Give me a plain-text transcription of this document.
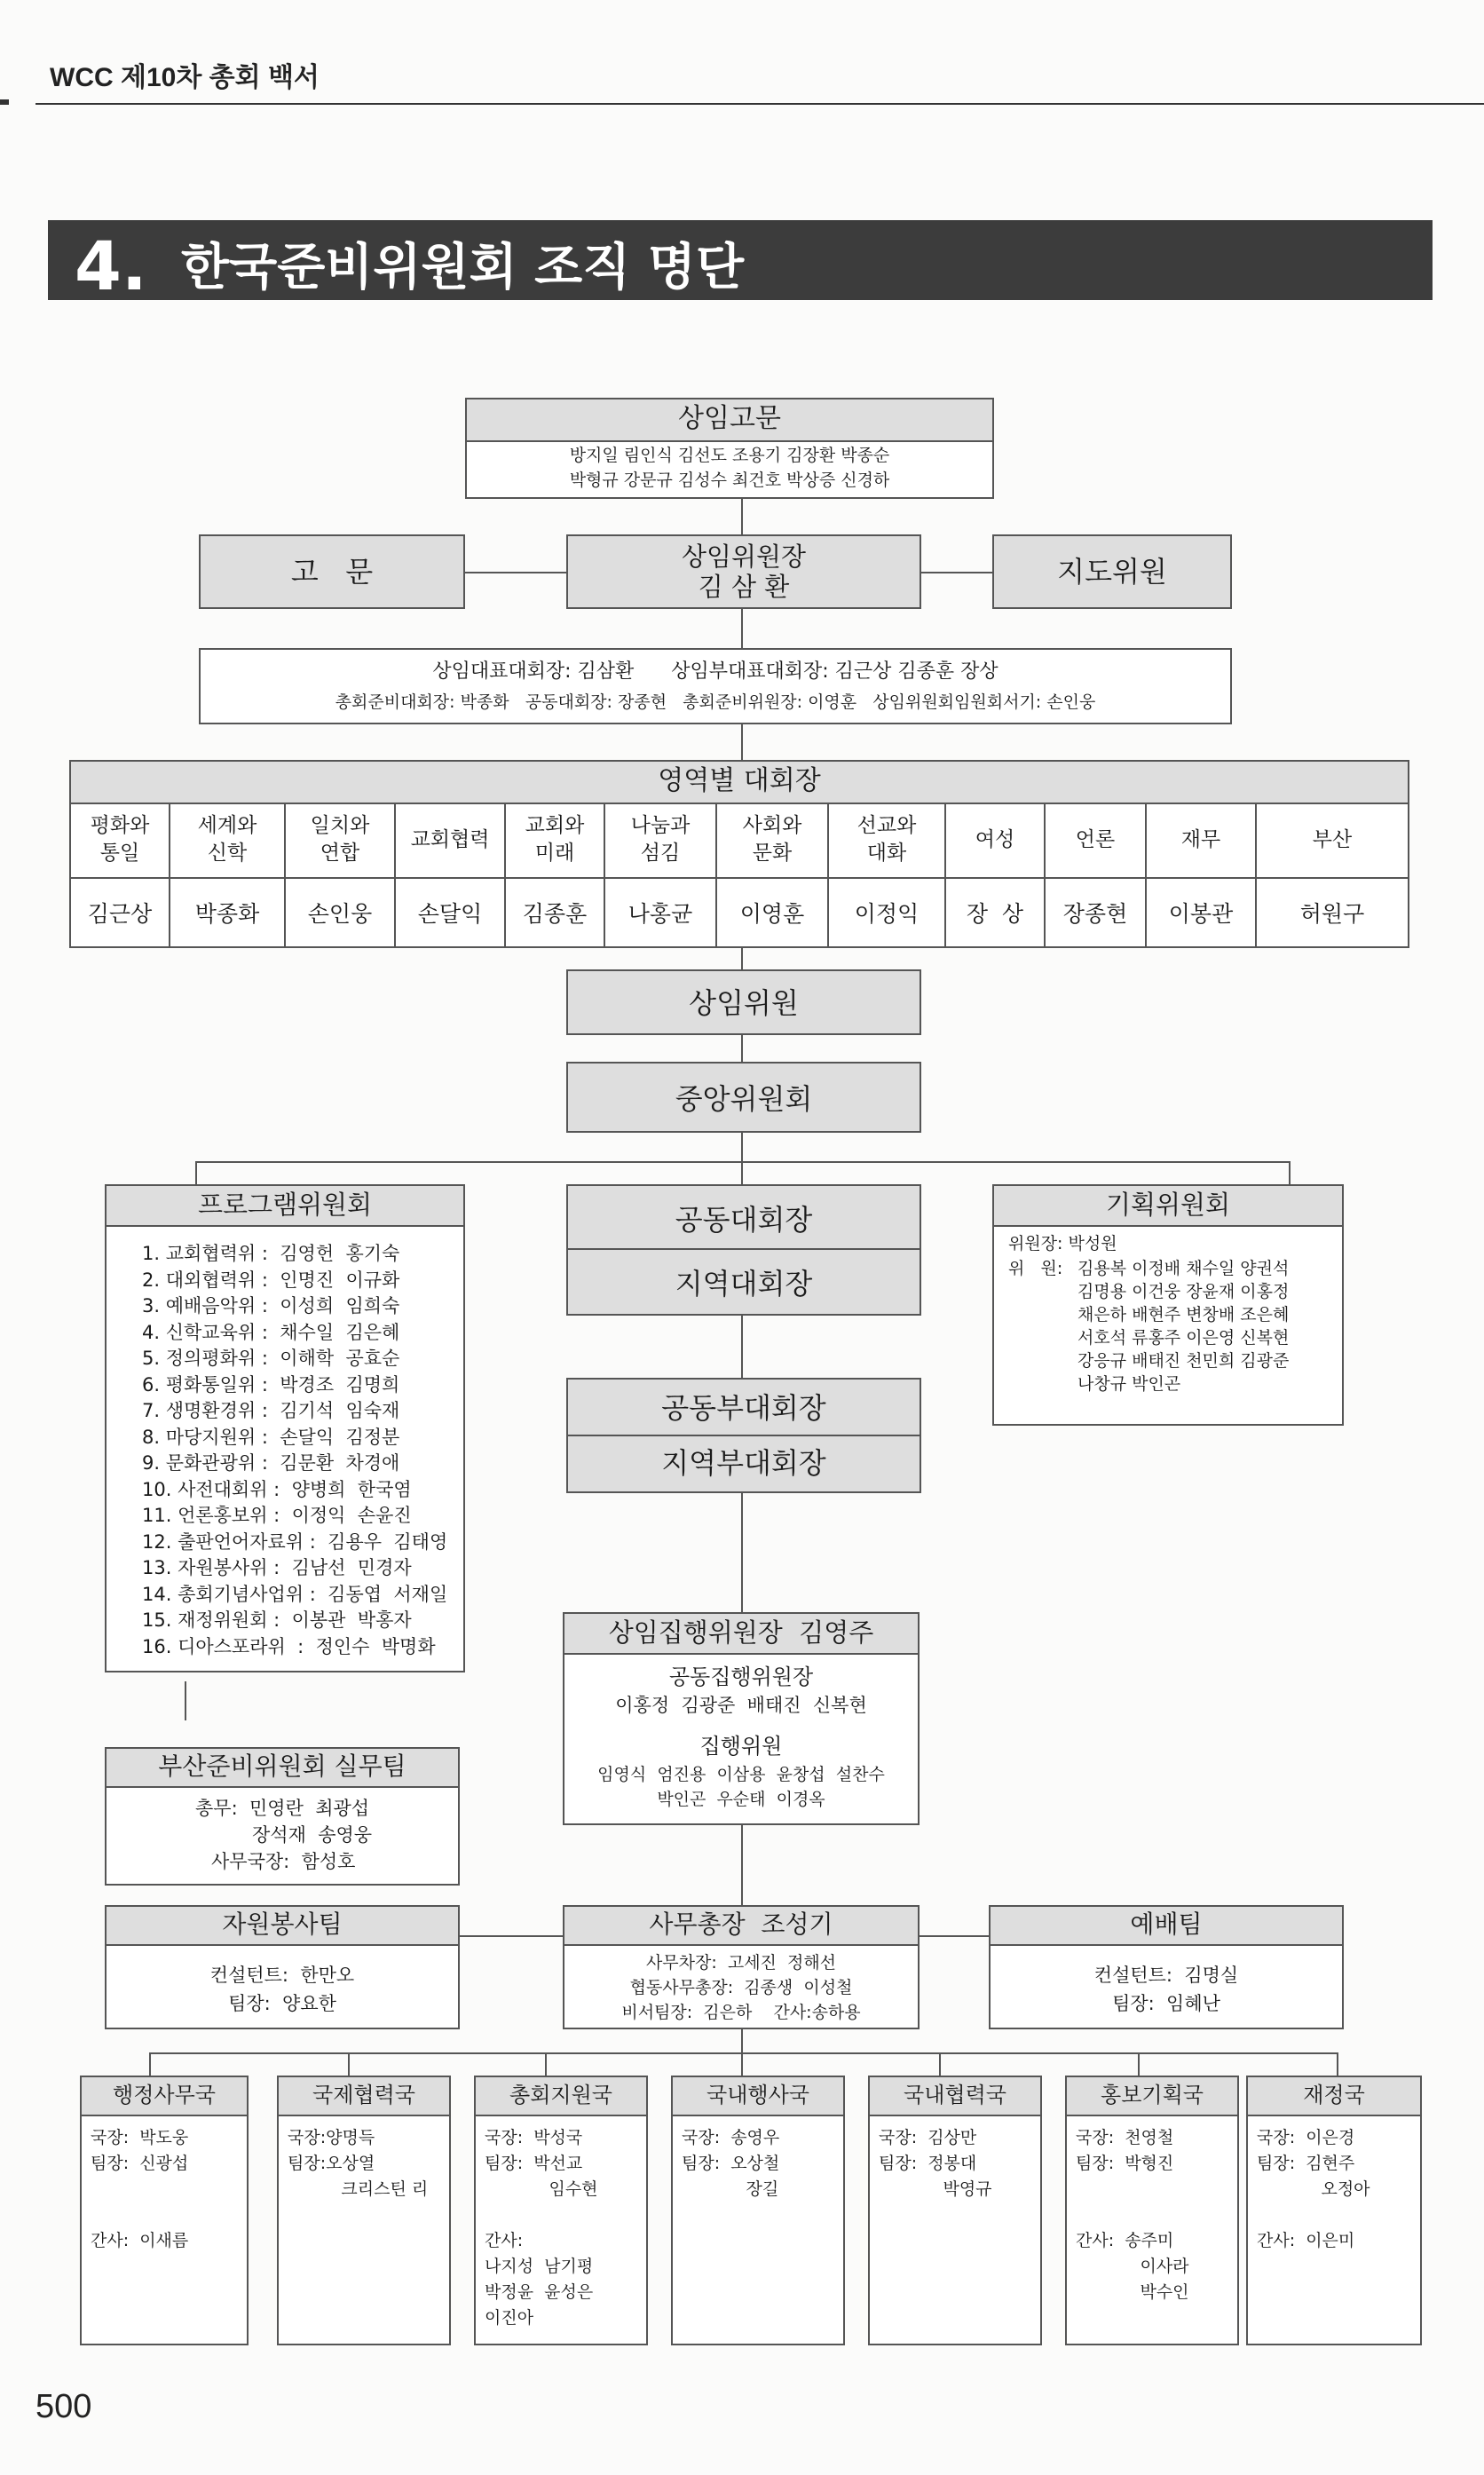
WCC 제10차 총회 백서
4. 한국준비위원회 조직 명단
상임고문
방지일 림인식 김선도 조용기 김장환 박종순
박형규 강문규 김성수 최건호 박상증 신경하
고   문	상임위원장
김 삼 환	지도위원
상임대표대회장: 김삼환      상임부대표대회장: 김근상 김종훈 장상
총회준비대회장: 박종화   공동대회장: 장종현   총회준비위원장: 이영훈   상임위원회임원회서기: 손인웅
영역별 대회장
평화와
통일
김근상
세계와
신학
박종화
일치와
연합
손인웅
교회협력
손달익
교회와
미래
김종훈
나눔과
섬김
나홍균
사회와
문화
이영훈
선교와
대화
이정익
여성
장  상
언론
장종현
재무
이봉관
부산
허원구
상임위원
중앙위원회
프로그램위원회
1. 교회협력위 :  김영헌  홍기숙
2. 대외협력위 :  인명진  이규화
3. 예배음악위 :  이성희  임희숙
4. 신학교육위 :  채수일  김은혜
5. 정의평화위 :  이해학  공효순
6. 평화통일위 :  박경조  김명희
7. 생명환경위 :  김기석  임숙재
8. 마당지원위 :  손달익  김정분
9. 문화관광위 :  김문환  차경애
10. 사전대회위 :  양병희  한국염
11. 언론홍보위 :  이정익  손윤진
12. 출판언어자료위 :  김용우  김태영
13. 자원봉사위 :  김남선  민경자
14. 총회기념사업위 :  김동엽  서재일
15. 재정위원회 :  이봉관  박홍자
16. 디아스포라위  :  정인수  박명화
공동대회장
지역대회장
기획위원회
위원장: 박성원
위   원: 김용복 이정배 채수일 양권석
김명용 이건웅 장윤재 이홍정
채은하 배현주 변창배 조은혜
서호석 류홍주 이은영 신복현
강응규 배태진 천민희 김광준
나창규 박인곤
공동부대회장
지역부대회장
상임집행위원장  김영주
공동집행위원장
이홍정  김광준  배태진  신복현
집행위원
임영식  엄진용  이삼용  윤창섭  설찬수
박인곤  우순태  이경옥
부산준비위원회 실무팀
총무:  민영란  최광섭
장석재  송영웅
사무국장:  함성호
자원봉사팀
컨설턴트:  한만오
팀장:  양요한
사무총장  조성기
사무차장:  고세진  정해선
협동사무총장:  김종생  이성철
비서팀장:  김은하    간사:송하용
예배팀
컨설턴트:  김명실
팀장:  임혜난
행정사무국
국장:  박도웅
팀장:  신광섭
간사:  이새름
국제협력국
국장:양명득
팀장:오상열
크리스틴 리
총회지원국
국장:  박성국
팀장:  박선교
임수현
간사:
나지성  남기평
박정윤  윤성은
이진아
국내행사국
국장:  송영우
팀장:  오상철
장길
국내협력국
국장:  김상만
팀장:  정봉대
박영규
홍보기획국
국장:  천영철
팀장:  박형진
간사:  송주미
이사라
박수인
재정국
국장:  이은경
팀장:  김현주
오정아
간사:  이은미
500
